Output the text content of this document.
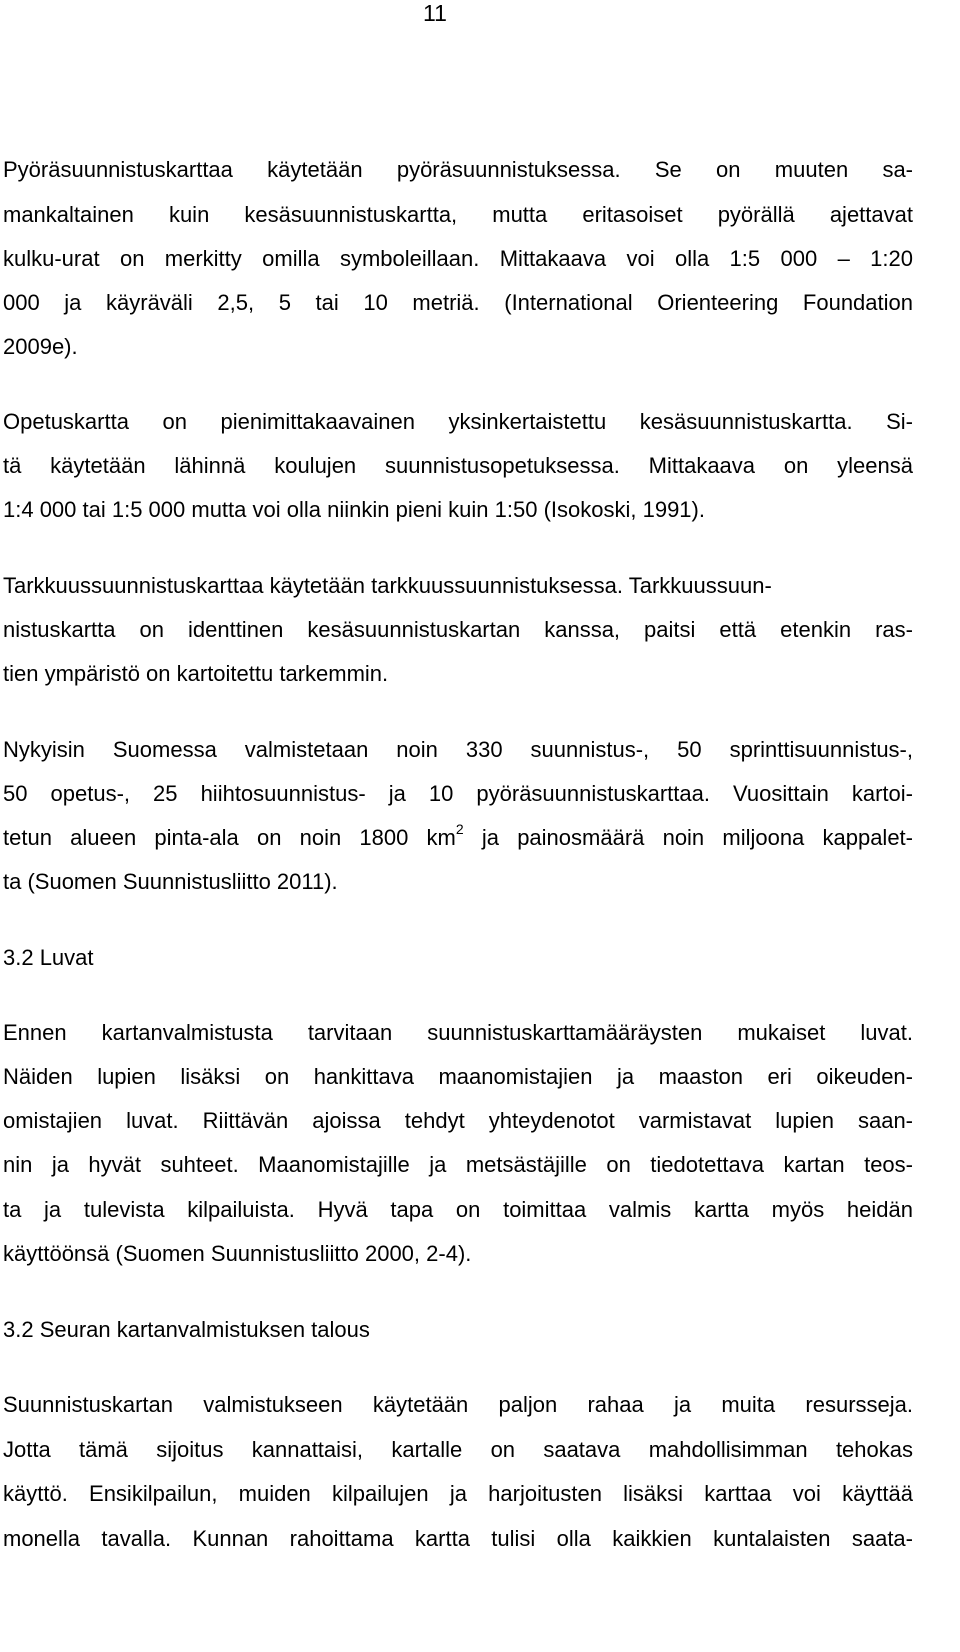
11
Pyöräsuunnistuskarttaa käytetään pyöräsuunnistuksessa. Se on muuten sa-
mankaltainen kuin kesäsuunnistuskartta, mutta eritasoiset pyörällä ajettavat
kulku-urat on merkitty omilla symboleillaan. Mittakaava voi olla 1:5 000 – 1:20
000 ja käyräväli 2,5, 5 tai 10 metriä. (International Orienteering Foundation
2009e).
Opetuskartta on pienimittakaavainen yksinkertaistettu kesäsuunnistuskartta. Si-
tä käytetään lähinnä koulujen suunnistusopetuksessa. Mittakaava on yleensä
1:4 000 tai 1:5 000 mutta voi olla niinkin pieni kuin 1:50 (Isokoski, 1991).
Tarkkuussuunnistuskarttaa käytetään tarkkuussuunnistuksessa. Tarkkuussuun-
nistuskartta on identtinen kesäsuunnistuskartan kanssa, paitsi että etenkin ras-
tien ympäristö on kartoitettu tarkemmin.
Nykyisin Suomessa valmistetaan noin 330 suunnistus-, 50 sprinttisuunnistus-,
50 opetus-, 25 hiihtosuunnistus- ja 10 pyöräsuunnistuskarttaa. Vuosittain kartoi-
tetun alueen pinta-ala on noin 1800 $km^2$ ja painosmäärä noin miljoona kappalet-
ta (Suomen Suunnistusliitto 2011).
3.2 Luvat
Ennen kartanvalmistusta tarvitaan suunnistuskarttamääräysten mukaiset luvat.
Näiden lupien lisäksi on hankittava maanomistajien ja maaston eri oikeuden-
omistajien luvat. Riittävän ajoissa tehdyt yhteydenotot varmistavat lupien saan-
nin ja hyvät suhteet. Maanomistajille ja metsästäjille on tiedotettava kartan teos-
ta ja tulevista kilpailuista. Hyvä tapa on toimittaa valmis kartta myös heidän
käyttöönsä (Suomen Suunnistusliitto 2000, 2-4).
3.2 Seuran kartanvalmistuksen talous
Suunnistuskartan valmistukseen käytetään paljon rahaa ja muita resursseja.
Jotta tämä sijoitus kannattaisi, kartalle on saatava mahdollisimman tehokas
käyttö. Ensikilpailun, muiden kilpailujen ja harjoitusten lisäksi karttaa voi käyttää
monella tavalla. Kunnan rahoittama kartta tulisi olla kaikkien kuntalaisten saata-
